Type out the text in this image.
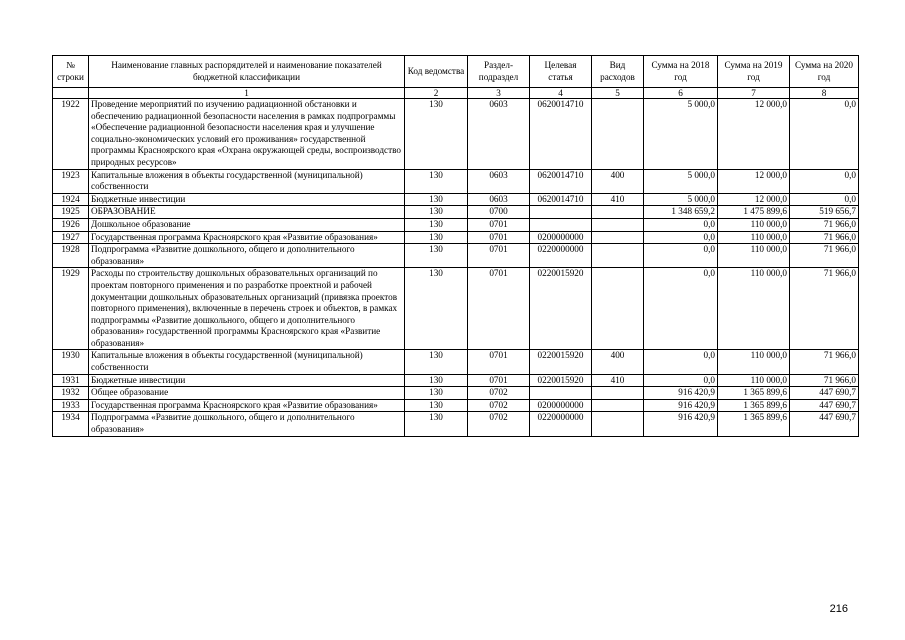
№ строки	Наименование главных распорядителей и наименование показателей бюджетной классификации	Код ведомства	Раздел-подраздел	Целевая статья	Вид расходов	Сумма на 2018 год	Сумма на 2019 год	Сумма на 2020 год
	1	2	3	4	5	6	7	8
1922	Проведение мероприятий по изучению радиационной обстановки и обеспечению радиационной безопасности населения в рамках подпрограммы «Обеспечение радиационной безопасности населения края и улучшение социально-экономических условий его проживания» государственной программы Красноярского края «Охрана окружающей среды, воспроизводство природных ресурсов»	130	0603	0620014710		5 000,0	12 000,0	0,0
1923	Капитальные вложения в объекты государственной (муниципальной) собственности	130	0603	0620014710	400	5 000,0	12 000,0	0,0
1924	Бюджетные инвестиции	130	0603	0620014710	410	5 000,0	12 000,0	0,0
1925	ОБРАЗОВАНИЕ	130	0700			1 348 659,2	1 475 899,6	519 656,7
1926	Дошкольное образование	130	0701			0,0	110 000,0	71 966,0
1927	Государственная программа Красноярского края «Развитие образования»	130	0701	0200000000		0,0	110 000,0	71 966,0
1928	Подпрограмма «Развитие дошкольного, общего и дополнительного образования»	130	0701	0220000000		0,0	110 000,0	71 966,0
1929	Расходы по строительству дошкольных образовательных организаций по проектам повторного применения и по разработке проектной и рабочей документации дошкольных образовательных организаций (привязка проектов повторного применения), включенные в перечень строек и объектов, в рамках подпрограммы «Развитие дошкольного, общего и дополнительного образования» государственной программы Красноярского края «Развитие образования»	130	0701	0220015920		0,0	110 000,0	71 966,0
1930	Капитальные вложения в объекты государственной (муниципальной) собственности	130	0701	0220015920	400	0,0	110 000,0	71 966,0
1931	Бюджетные инвестиции	130	0701	0220015920	410	0,0	110 000,0	71 966,0
1932	Общее образование	130	0702			916 420,9	1 365 899,6	447 690,7
1933	Государственная программа Красноярского края «Развитие образования»	130	0702	0200000000		916 420,9	1 365 899,6	447 690,7
1934	Подпрограмма «Развитие дошкольного, общего и дополнительного образования»	130	0702	0220000000		916 420,9	1 365 899,6	447 690,7
216
